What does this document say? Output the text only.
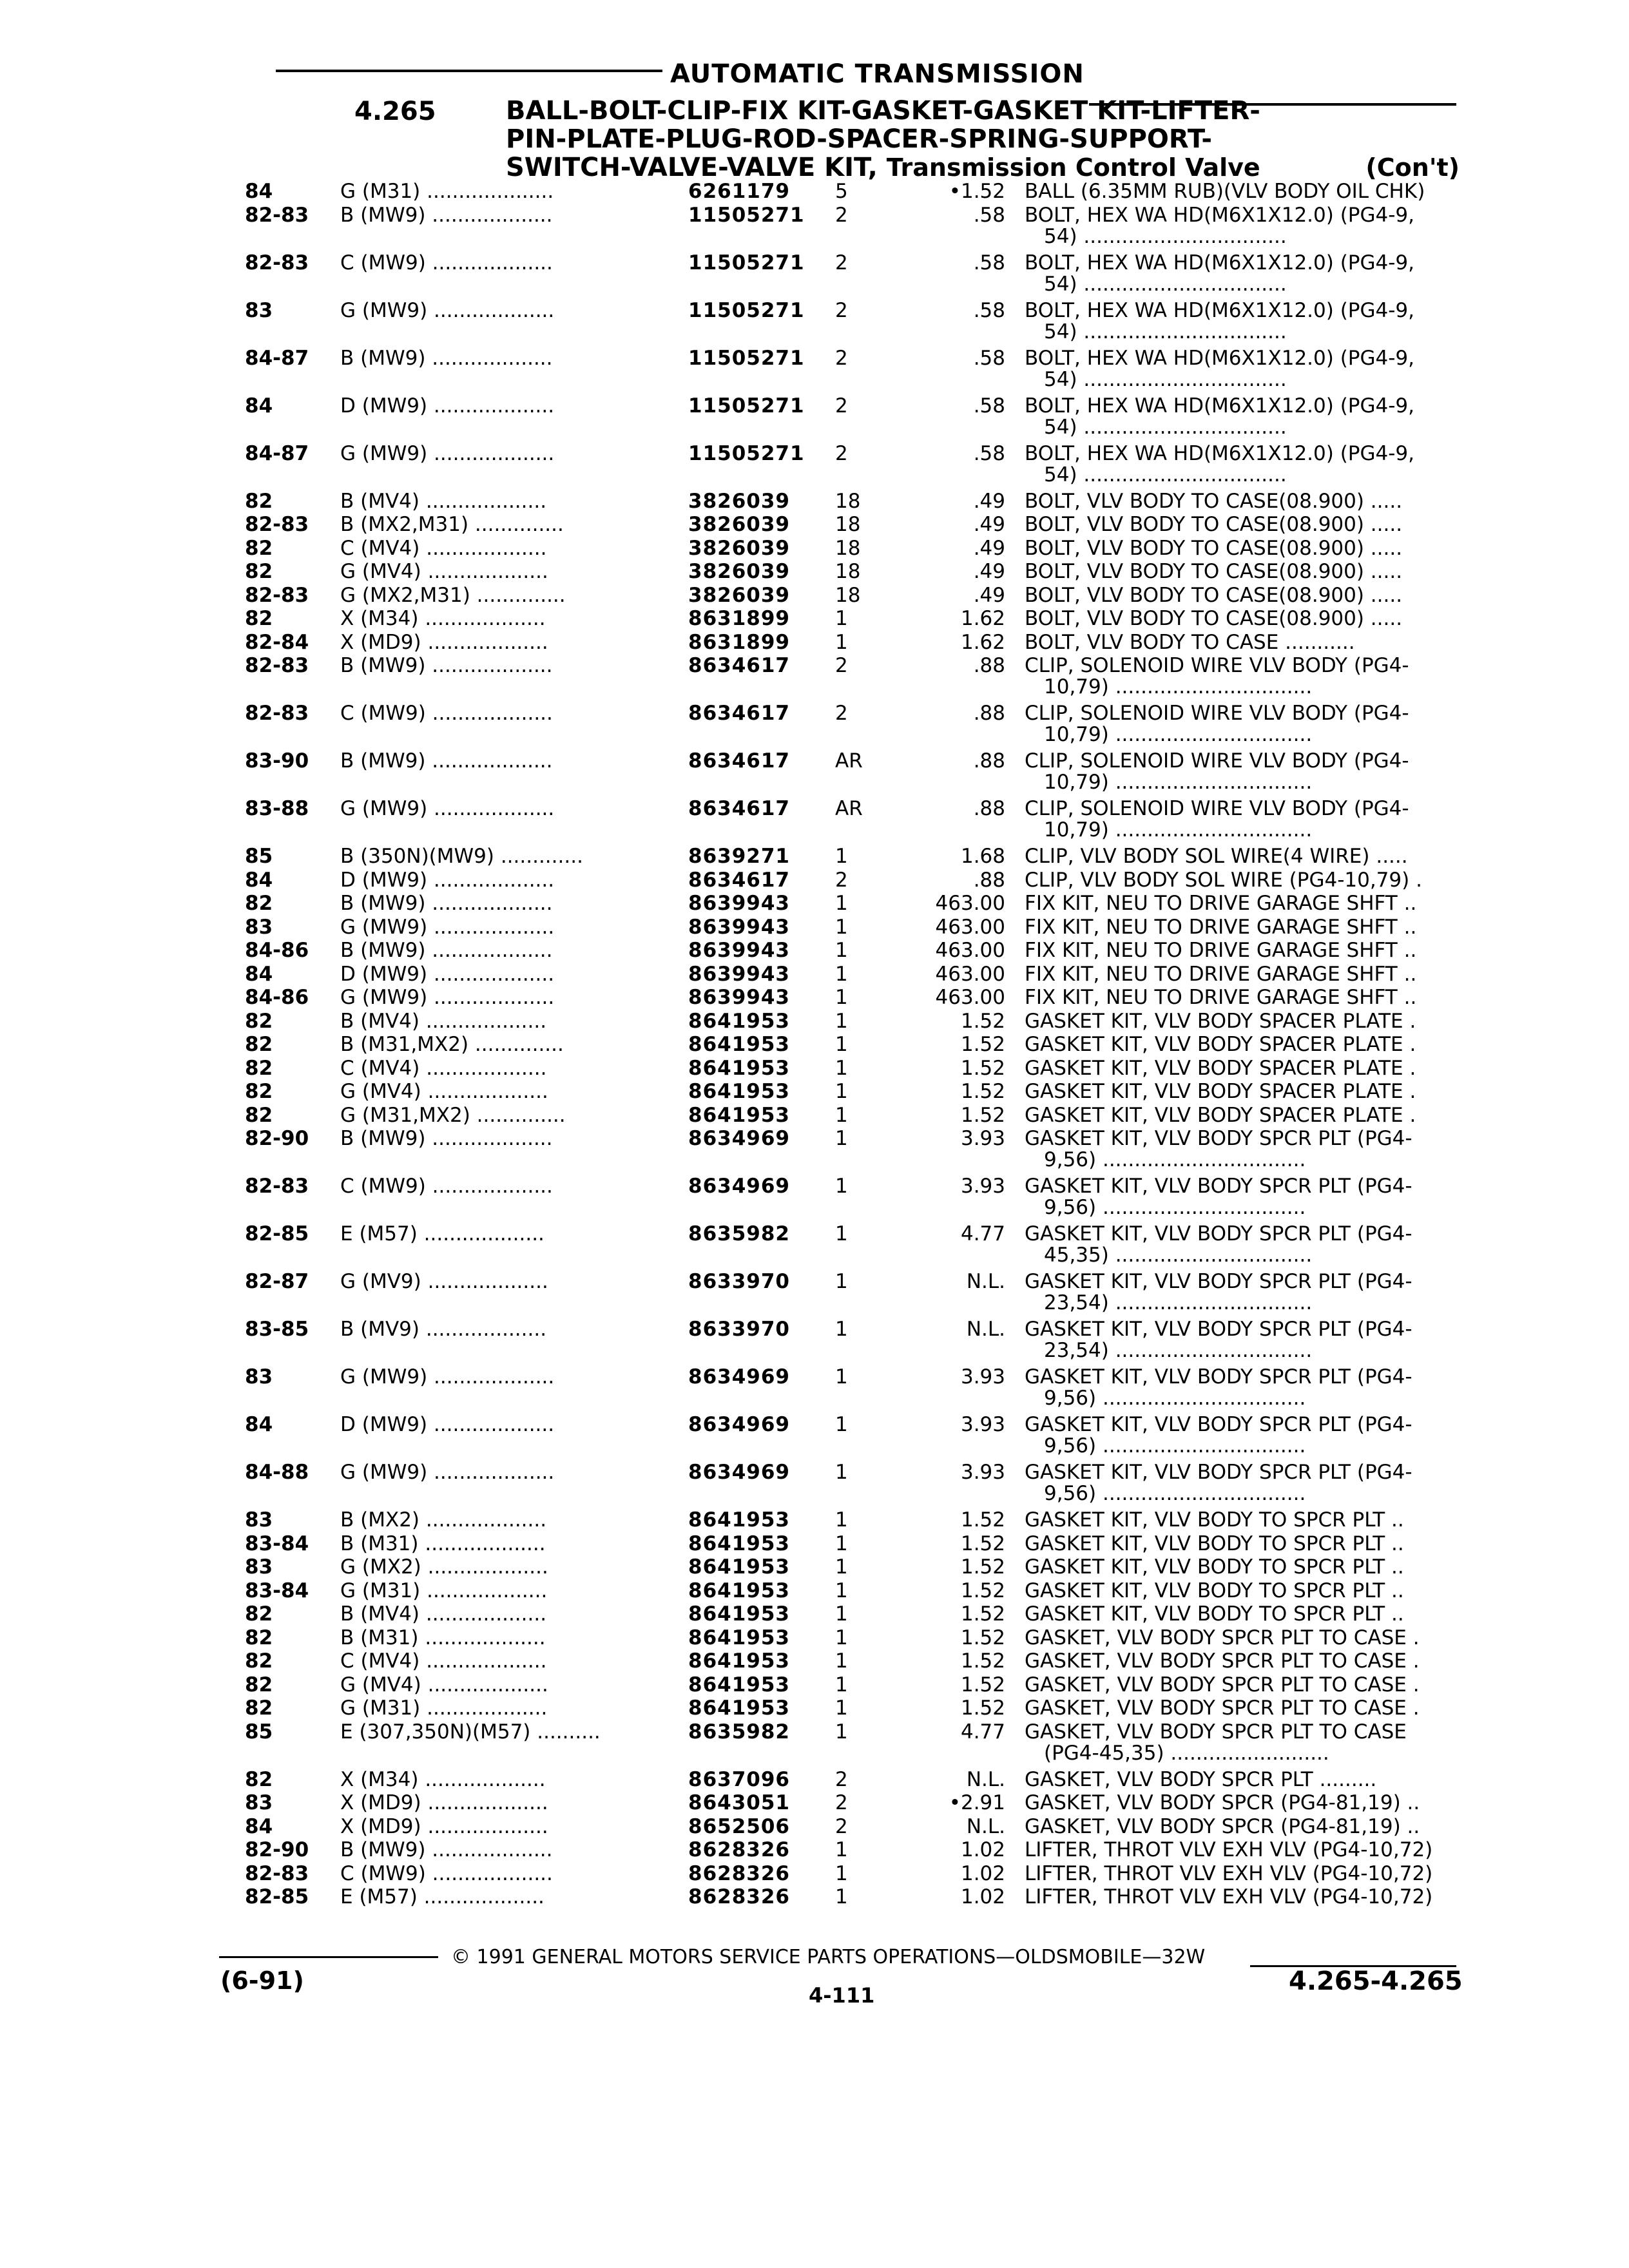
AUTOMATIC TRANSMISSION
4.265	BALL-BOLT-CLIP-FIX KIT-GASKET-GASKET KIT-LIFTER-
PIN-PLATE-PLUG-ROD-SPACER-SPRING-SUPPORT-
SWITCH-VALVE-VALVE KIT, Transmission Control Valve	(Con't)
84	G (M31) ....................	6261179	5	•1.52 BALL (6.35MM RUB)(VLV BODY OIL CHK)
82-83	B (MW9) ...................	11505271	2	.58 BOLT, HEX WA HD(M6X1X12.0) (PG4-9,
54) ................................
82-83	C (MW9) ...................	11505271	2	.58 BOLT, HEX WA HD(M6X1X12.0) (PG4-9,
54) ................................
83	G (MW9) ...................	11505271	2	.58 BOLT, HEX WA HD(M6X1X12.0) (PG4-9,
54) ................................
84-87	B (MW9) ...................	11505271	2	.58 BOLT, HEX WA HD(M6X1X12.0) (PG4-9,
54) ................................
84	D (MW9) ...................	11505271	2	.58 BOLT, HEX WA HD(M6X1X12.0) (PG4-9,
54) ................................
84-87	G (MW9) ...................	11505271	2	.58 BOLT, HEX WA HD(M6X1X12.0) (PG4-9,
54) ................................
82	B (MV4) ...................	3826039	18	.49 BOLT, VLV BODY TO CASE(08.900) .....
82-83	B (MX2,M31) ..............	3826039	18	.49 BOLT, VLV BODY TO CASE(08.900) .....
82	C (MV4) ...................	3826039	18	.49 BOLT, VLV BODY TO CASE(08.900) .....
82	G (MV4) ...................	3826039	18	.49 BOLT, VLV BODY TO CASE(08.900) .....
82-83	G (MX2,M31) ..............	3826039	18	.49 BOLT, VLV BODY TO CASE(08.900) .....
82	X (M34) ...................	8631899	1	1.62 BOLT, VLV BODY TO CASE(08.900) .....
82-84	X (MD9) ...................	8631899	1	1.62 BOLT, VLV BODY TO CASE ...........
82-83	B (MW9) ...................	8634617	2	.88 CLIP, SOLENOID WIRE VLV BODY (PG4-
10,79) ...............................
82-83	C (MW9) ...................	8634617	2	.88 CLIP, SOLENOID WIRE VLV BODY (PG4-
10,79) ...............................
83-90	B (MW9) ...................	8634617	AR	.88 CLIP, SOLENOID WIRE VLV BODY (PG4-
10,79) ...............................
83-88	G (MW9) ...................	8634617	AR	.88 CLIP, SOLENOID WIRE VLV BODY (PG4-
10,79) ...............................
85	B (350N)(MW9) .............	8639271	1	1.68 CLIP, VLV BODY SOL WIRE(4 WIRE) .....
84	D (MW9) ...................	8634617	2	.88 CLIP, VLV BODY SOL WIRE (PG4-10,79) .
82	B (MW9) ...................	8639943	1	463.00 FIX KIT, NEU TO DRIVE GARAGE SHFT ..
83	G (MW9) ...................	8639943	1	463.00 FIX KIT, NEU TO DRIVE GARAGE SHFT ..
84-86	B (MW9) ...................	8639943	1	463.00 FIX KIT, NEU TO DRIVE GARAGE SHFT ..
84	D (MW9) ...................	8639943	1	463.00 FIX KIT, NEU TO DRIVE GARAGE SHFT ..
84-86	G (MW9) ...................	8639943	1	463.00 FIX KIT, NEU TO DRIVE GARAGE SHFT ..
82	B (MV4) ...................	8641953	1	1.52 GASKET KIT, VLV BODY SPACER PLATE .
82	B (M31,MX2) ..............	8641953	1	1.52 GASKET KIT, VLV BODY SPACER PLATE .
82	C (MV4) ...................	8641953	1	1.52 GASKET KIT, VLV BODY SPACER PLATE .
82	G (MV4) ...................	8641953	1	1.52 GASKET KIT, VLV BODY SPACER PLATE .
82	G (M31,MX2) ..............	8641953	1	1.52 GASKET KIT, VLV BODY SPACER PLATE .
82-90	B (MW9) ...................	8634969	1	3.93 GASKET KIT, VLV BODY SPCR PLT (PG4-
9,56) ................................
82-83	C (MW9) ...................	8634969	1	3.93 GASKET KIT, VLV BODY SPCR PLT (PG4-
9,56) ................................
82-85	E (M57) ...................	8635982	1	4.77 GASKET KIT, VLV BODY SPCR PLT (PG4-
45,35) ...............................
82-87	G (MV9) ...................	8633970	1	N.L. GASKET KIT, VLV BODY SPCR PLT (PG4-
23,54) ...............................
83-85	B (MV9) ...................	8633970	1	N.L. GASKET KIT, VLV BODY SPCR PLT (PG4-
23,54) ...............................
83	G (MW9) ...................	8634969	1	3.93 GASKET KIT, VLV BODY SPCR PLT (PG4-
9,56) ................................
84	D (MW9) ...................	8634969	1	3.93 GASKET KIT, VLV BODY SPCR PLT (PG4-
9,56) ................................
84-88	G (MW9) ...................	8634969	1	3.93 GASKET KIT, VLV BODY SPCR PLT (PG4-
9,56) ................................
83	B (MX2) ...................	8641953	1	1.52 GASKET KIT, VLV BODY TO SPCR PLT ..
83-84	B (M31) ...................	8641953	1	1.52 GASKET KIT, VLV BODY TO SPCR PLT ..
83	G (MX2) ...................	8641953	1	1.52 GASKET KIT, VLV BODY TO SPCR PLT ..
83-84	G (M31) ...................	8641953	1	1.52 GASKET KIT, VLV BODY TO SPCR PLT ..
82	B (MV4) ...................	8641953	1	1.52 GASKET KIT, VLV BODY TO SPCR PLT ..
82	B (M31) ...................	8641953	1	1.52 GASKET, VLV BODY SPCR PLT TO CASE .
82	C (MV4) ...................	8641953	1	1.52 GASKET, VLV BODY SPCR PLT TO CASE .
82	G (MV4) ...................	8641953	1	1.52 GASKET, VLV BODY SPCR PLT TO CASE .
82	G (M31) ...................	8641953	1	1.52 GASKET, VLV BODY SPCR PLT TO CASE .
85	E (307,350N)(M57) ..........	8635982	1	4.77 GASKET, VLV BODY SPCR PLT TO CASE
(PG4-45,35) .........................
82	X (M34) ...................	8637096	2	N.L. GASKET, VLV BODY SPCR PLT .........
83	X (MD9) ...................	8643051	2	•2.91 GASKET, VLV BODY SPCR (PG4-81,19) ..
84	X (MD9) ...................	8652506	2	N.L. GASKET, VLV BODY SPCR (PG4-81,19) ..
82-90	B (MW9) ...................	8628326	1	1.02 LIFTER, THROT VLV EXH VLV (PG4-10,72)
82-83	C (MW9) ...................	8628326	1	1.02 LIFTER, THROT VLV EXH VLV (PG4-10,72)
82-85	E (M57) ...................	8628326	1	1.02 LIFTER, THROT VLV EXH VLV (PG4-10,72)
© 1991 GENERAL MOTORS SERVICE PARTS OPERATIONS—OLDSMOBILE—32W
(6-91)
4-111	4.265-4.265
